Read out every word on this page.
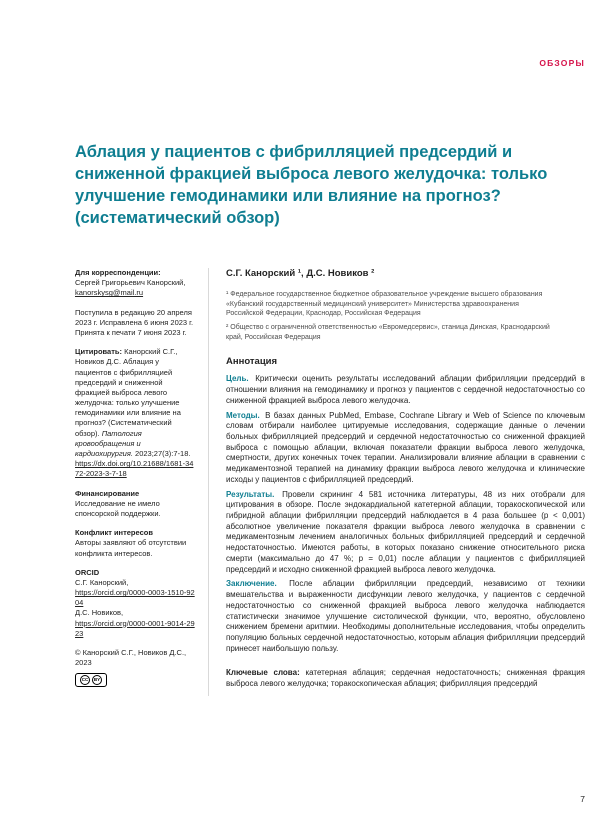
ОБЗОРЫ
Аблация у пациентов с фибрилляцией предсердий и сниженной фракцией выброса левого желудочка: только улучшение гемодинамики или влияние на прогноз? (систематический обзор)
Для корреспонденции:
Сергей Григорьевич Канорский,
kanorskysg@mail.ru
Поступила в редакцию 20 апреля 2023 г. Исправлена 6 июня 2023 г. Принята к печати 7 июня 2023 г.

Цитировать: Канорский С.Г., Новиков Д.С. Аблация у пациентов с фибрилляцией предсердий и сниженной фракцией выброса левого желудочка: только улучшение гемодинамики или влияние на прогноз? (Систематический обзор). Патология кровообращения и кардиохирургия. 2023;27(3):7-18. https://dx.doi.org/10.21688/1681-3472-2023-3-7-18

Финансирование
Исследование не имело спонсорской поддержки.
Конфликт интересов
Авторы заявляют об отсутствии конфликта интересов.
ORCID
С.Г. Канорский,
https://orcid.org/0000-0003-1510-9204
Д.С. Новиков,
https://orcid.org/0000-0001-9014-2923
© Канорский С.Г., Новиков Д.С., 2023
CC	BY
С.Г. Канорский ¹, Д.С. Новиков ²

¹ Федеральное государственное бюджетное образовательное учреждение высшего образования «Кубанский государственный медицинский университет» Министерства здравоохранения Российской Федерации, Краснодар, Российская Федерация

² Общество с ограниченной ответственностью «Евромедсервис», станица Динская, Краснодарский край, Российская Федерация

Аннотация

Цель. Критически оценить результаты исследований аблации фибрилляции предсердий в отношении влияния на гемодинамику и прогноз у пациентов с сердечной недостаточностью со сниженной фракцией выброса левого желудочка.

Методы. В базах данных PubMed, Embase, Cochrane Library и Web of Science по ключевым словам отбирали наиболее цитируемые исследования, содержащие данные о лечении больных фибрилляцией предсердий и сердечной недостаточностью со сниженной фракцией выброса с помощью аблации, включая показатели фракции выброса левого желудочка, смертности, других конечных точек терапии. Анализировали влияние аблации в сравнении с медикаментозной терапией на динамику фракции выброса левого желудочка и клинические исходы у пациентов с фибрилляцией предсердий.

Результаты. Провели скрининг 4 581 источника литературы, 48 из них отобрали для цитирования в обзоре. После эндокардиальной катетерной аблации, торакоскопической или гибридной аблации фибрилляции предсердий наблюдается в 4 раза большее (p < 0,001) абсолютное увеличение показателя фракции выброса левого желудочка в сравнении с медикаментозным лечением аналогичных больных фибрилляцией предсердий и сердечной недостаточностью. Имеются работы, в которых показано снижение относительного риска смерти (максимально до 47 %; p = 0,01) после аблации у пациентов с фибрилляцией предсердий и исходно сниженной фракцией выброса левого желудочка.

Заключение. После аблации фибрилляции предсердий, независимо от техники вмешательства и выраженности дисфункции левого желудочка, у пациентов с сердечной недостаточностью со сниженной фракцией выброса левого желудочка наблюдается статистически значимое улучшение систолической функции, что, вероятно, обусловлено снижением бремени аритмии. Необходимы дополнительные исследования, чтобы определить популяцию больных сердечной недостаточностью, которым аблация фибрилляции предсердий принесет наибольшую пользу.

Ключевые слова: катетерная аблация; сердечная недостаточность; сниженная фракция выброса левого желудочка; торакоскопическая аблация; фибрилляция предсердий

7
